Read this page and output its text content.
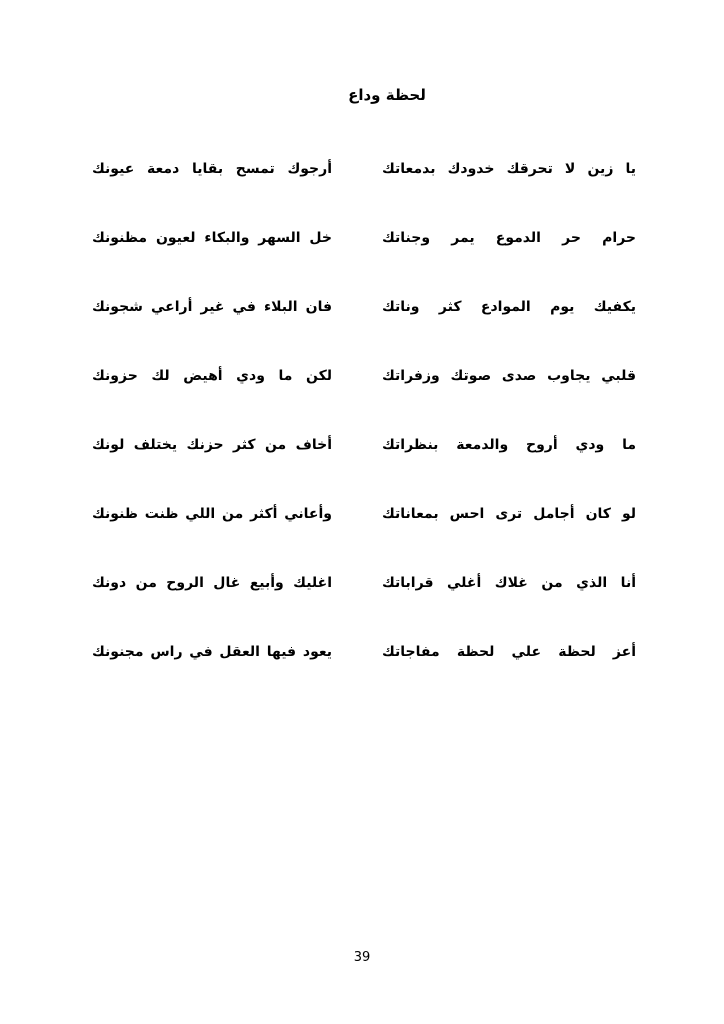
لحظة وداع
يا زين لا تحرقك خدودك بدمعاتك
أرجوك تمسح بقايا دمعة عيونك
حرام حر الدموع يمر وجناتك
خل السهر والبكاء لعيون مظنونك
يكفيك يوم الموادع كثر وناتك
فان البلاء في غير أراعي شجونك
قلبي يجاوب صدى صوتك وزفراتك
لكن ما ودي أهيض لك حزونك
ما ودي أروح والدمعة بنظراتك
أخاف من كثر حزنك يختلف لونك
لو كان أجامل ترى احس بمعاناتك
وأعاني أكثر من اللي ظنت ظنونك
أنا الذي من غلاك أغلي قراباتك
اغليك وأبيع غال الروح من دونك
أعز لحظة علي لحظة مفاجاتك
يعود فيها العقل في راس مجنونك
39
